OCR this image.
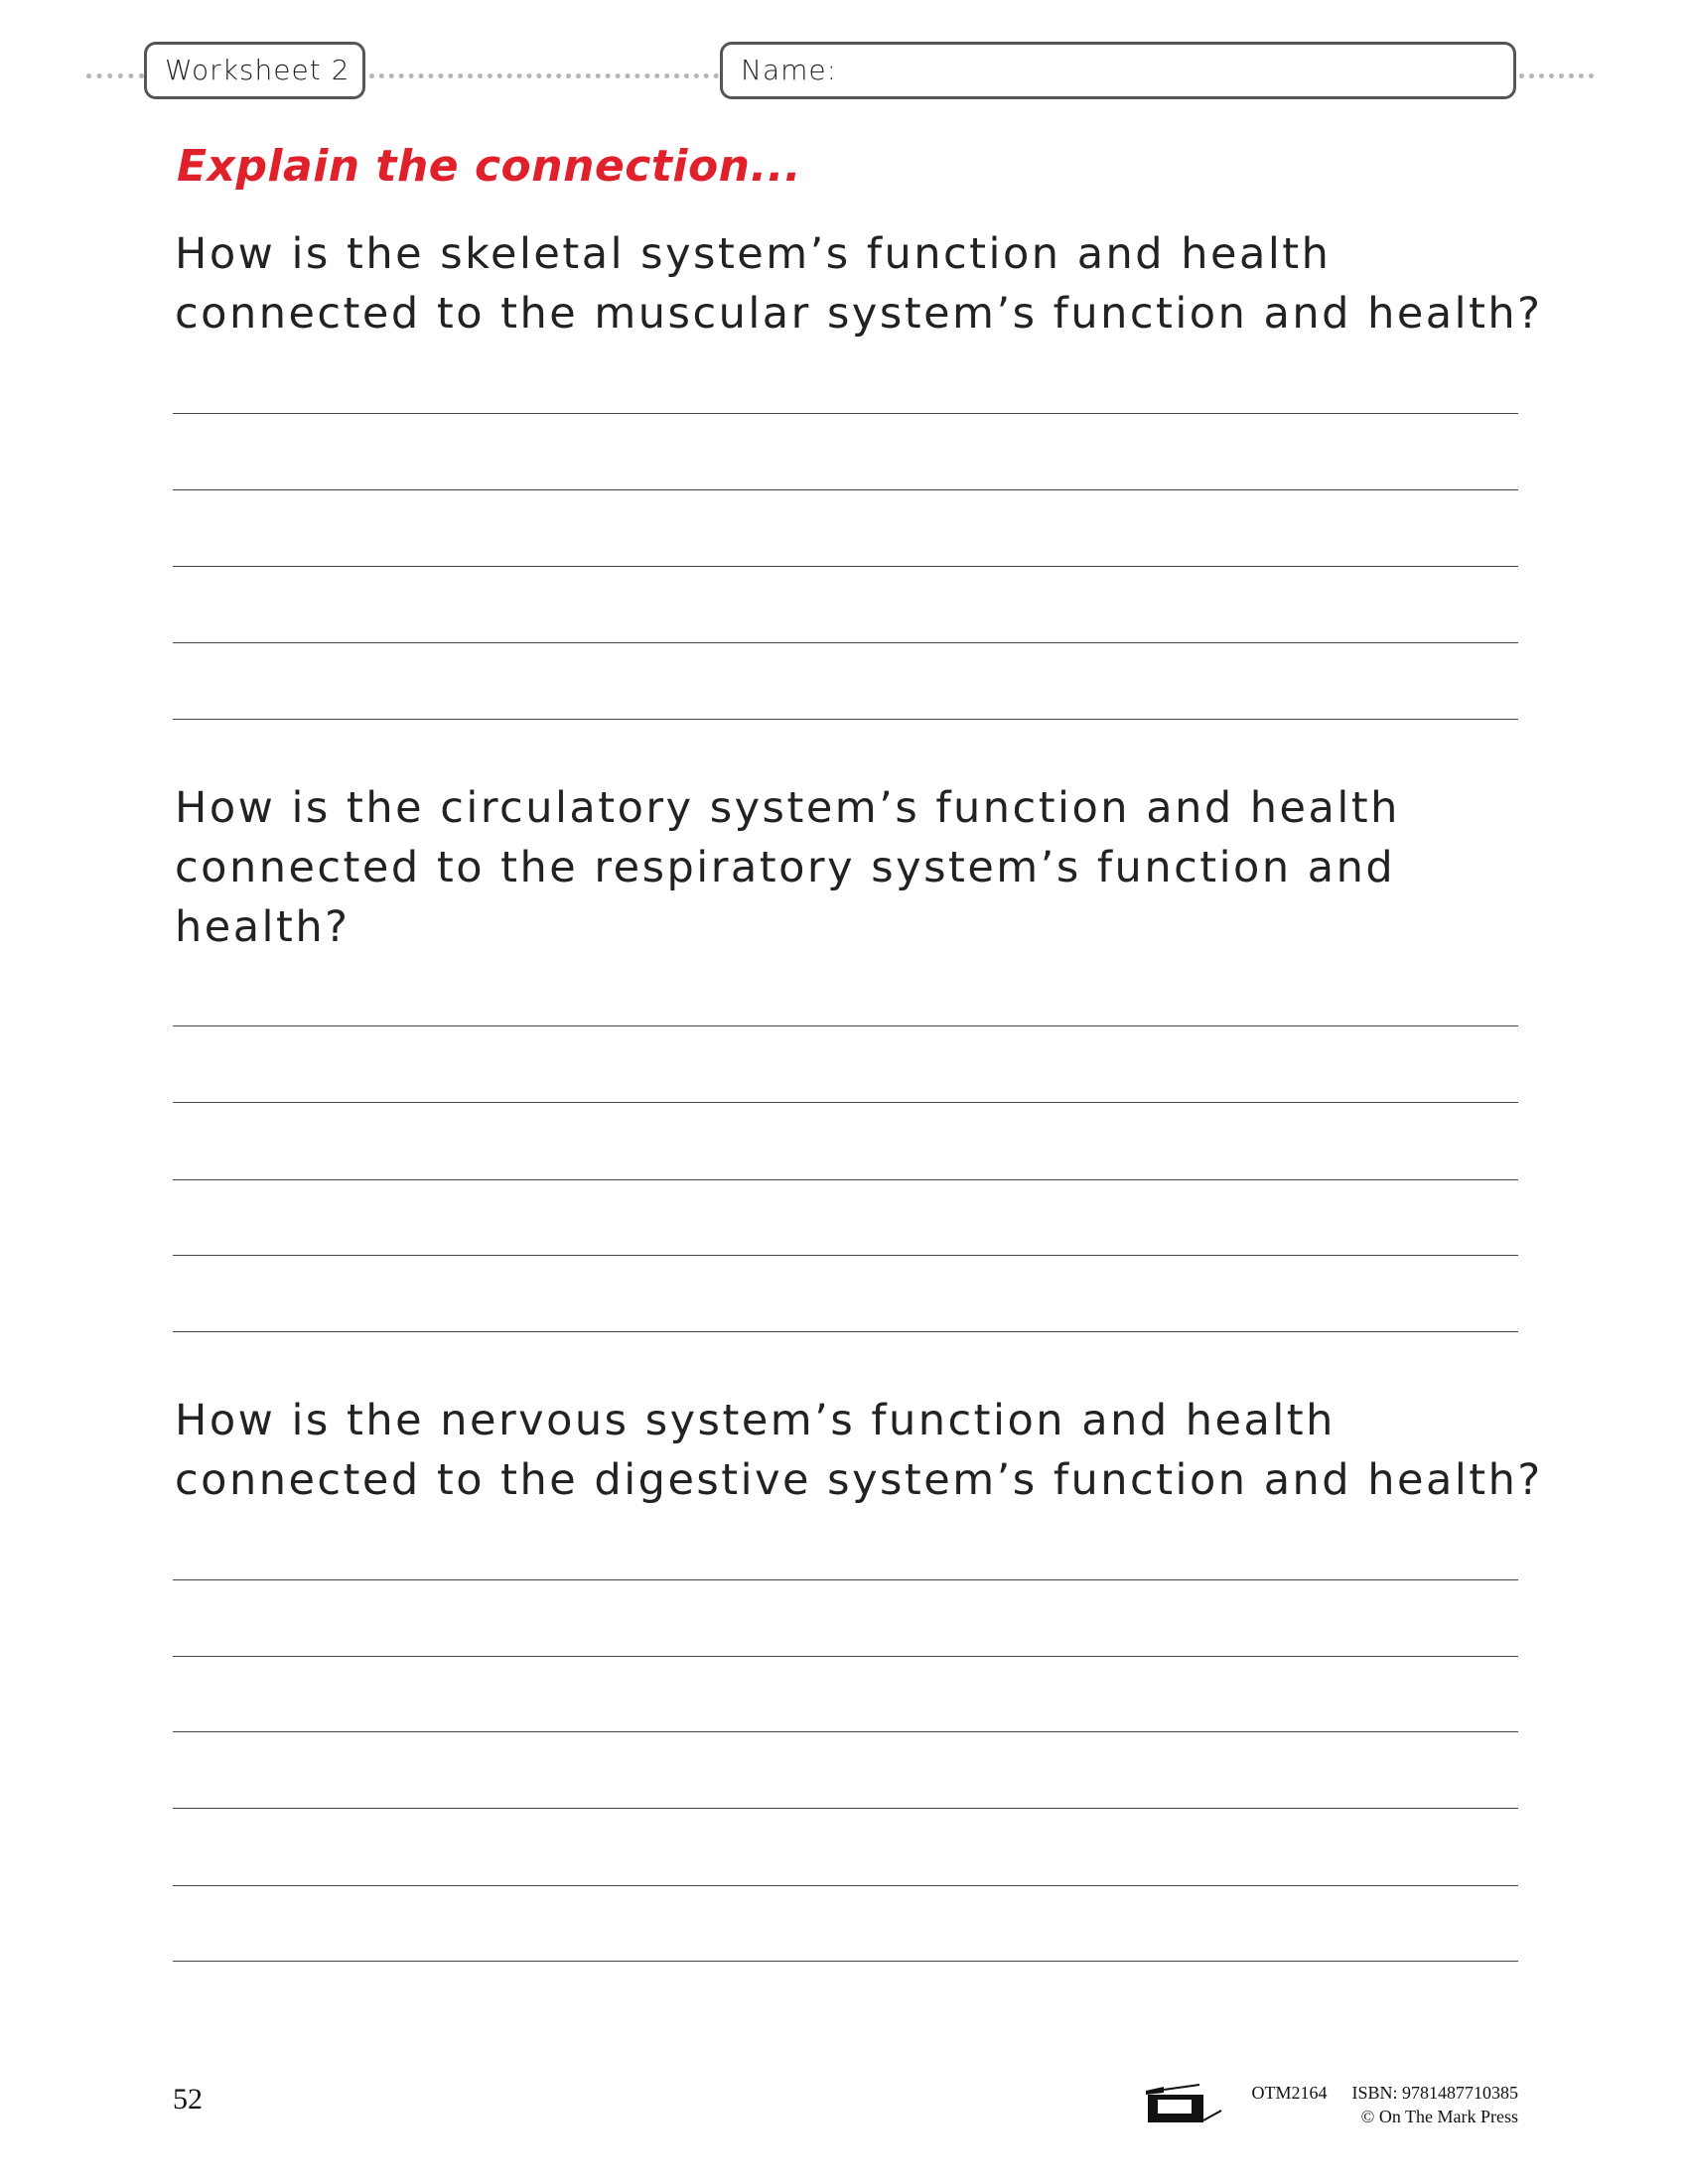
Worksheet 2	Name:
Explain the connection...
How is the skeletal system’s function and health
connected to the muscular system’s function and health?
How is the circulatory system’s function and health
connected to the respiratory system’s function and
health?
How is the nervous system’s function and health
connected to the digestive system’s function and health?
52	OTM2164 ISBN: 9781487710385
© On The Mark Press
